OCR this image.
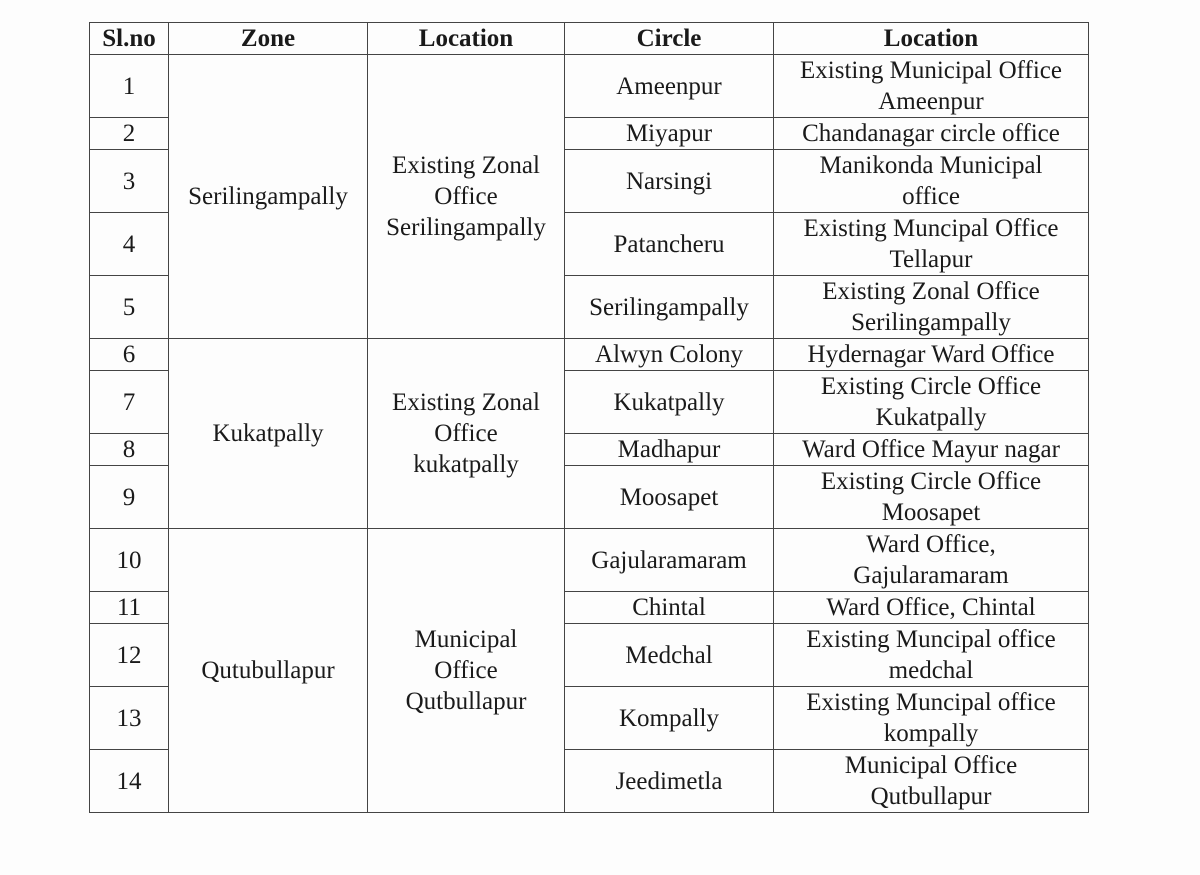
Sl.no	Zone	Location	Circle	Location
1	Serilingampally	Existing Zonal Office Serilingampally	Ameenpur	Existing Municipal Office Ameenpur
2			Miyapur	Chandanagar circle office
3			Narsingi	Manikonda Municipal office
4			Patancheru	Existing Muncipal Office Tellapur
5			Serilingampally	Existing Zonal Office Serilingampally
6	Kukatpally	Existing Zonal Office kukatpally	Alwyn Colony	Hydernagar Ward Office
7			Kukatpally	Existing Circle Office Kukatpally
8			Madhapur	Ward Office Mayur nagar
9			Moosapet	Existing Circle Office Moosapet
10	Qutubullapur	Municipal Office Qutbullapur	Gajularamaram	Ward Office, Gajularamaram
11			Chintal	Ward Office, Chintal
12			Medchal	Existing Muncipal office medchal
13			Kompally	Existing Muncipal office kompally
14			Jeedimetla	Municipal Office Qutbullapur
